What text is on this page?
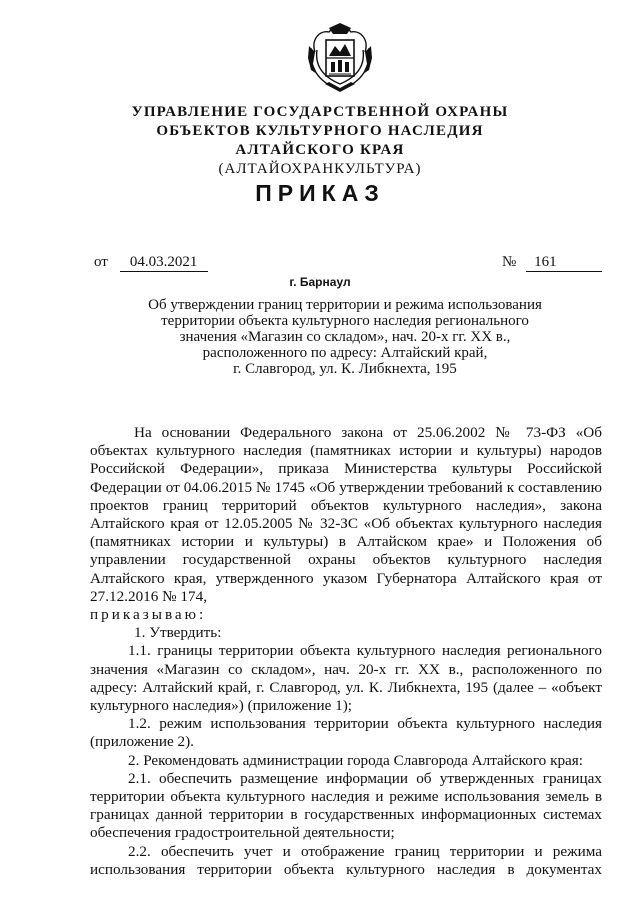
УПРАВЛЕНИЕ ГОСУДАРСТВЕННОЙ ОХРАНЫ
ОБЪЕКТОВ КУЛЬТУРНОГО НАСЛЕДИЯ
АЛТАЙСКОГО КРАЯ
(АЛТАЙОХРАНКУЛЬТУРА)
ПРИКАЗ
от 04.03.2021	№ 161
г. Барнаул
Об утверждении границ территории и режима использования
территории объекта культурного наследия регионального
значения «Магазин со складом», нач. 20-х гг. XX в.,
расположенного по адресу: Алтайский край,
г. Славгород, ул. К. Либкнехта, 195
На основании Федерального закона от 25.06.2002 № 73-ФЗ «Об объектах культурного наследия (памятниках истории и культуры) народов Российской Федерации», приказа Министерства культуры Российской Федерации от 04.06.2015 № 1745 «Об утверждении требований к составлению проектов границ территорий объектов культурного наследия», закона Алтайского края от 12.05.2005 № 32-ЗС «Об объектах культурного наследия (памятниках истории и культуры) в Алтайском крае» и Положения об управлении государственной охраны объектов культурного наследия Алтайского края, утвержденного указом Губернатора Алтайского края от 27.12.2016 № 174,
приказываю:
1. Утвердить:
1.1. границы территории объекта культурного наследия регионального значения «Магазин со складом», нач. 20-х гг. XX в., расположенного по адресу: Алтайский край, г. Славгород, ул. К. Либкнехта, 195 (далее – «объект культурного наследия») (приложение 1);
1.2. режим использования территории объекта культурного наследия (приложение 2).
2. Рекомендовать администрации города Славгорода Алтайского края:
2.1. обеспечить размещение информации об утвержденных границах территории объекта культурного наследия и режиме использования земель в границах данной территории в государственных информационных системах обеспечения градостроительной деятельности;
2.2. обеспечить учет и отображение границ территории и режима использования территории объекта культурного наследия в документах
